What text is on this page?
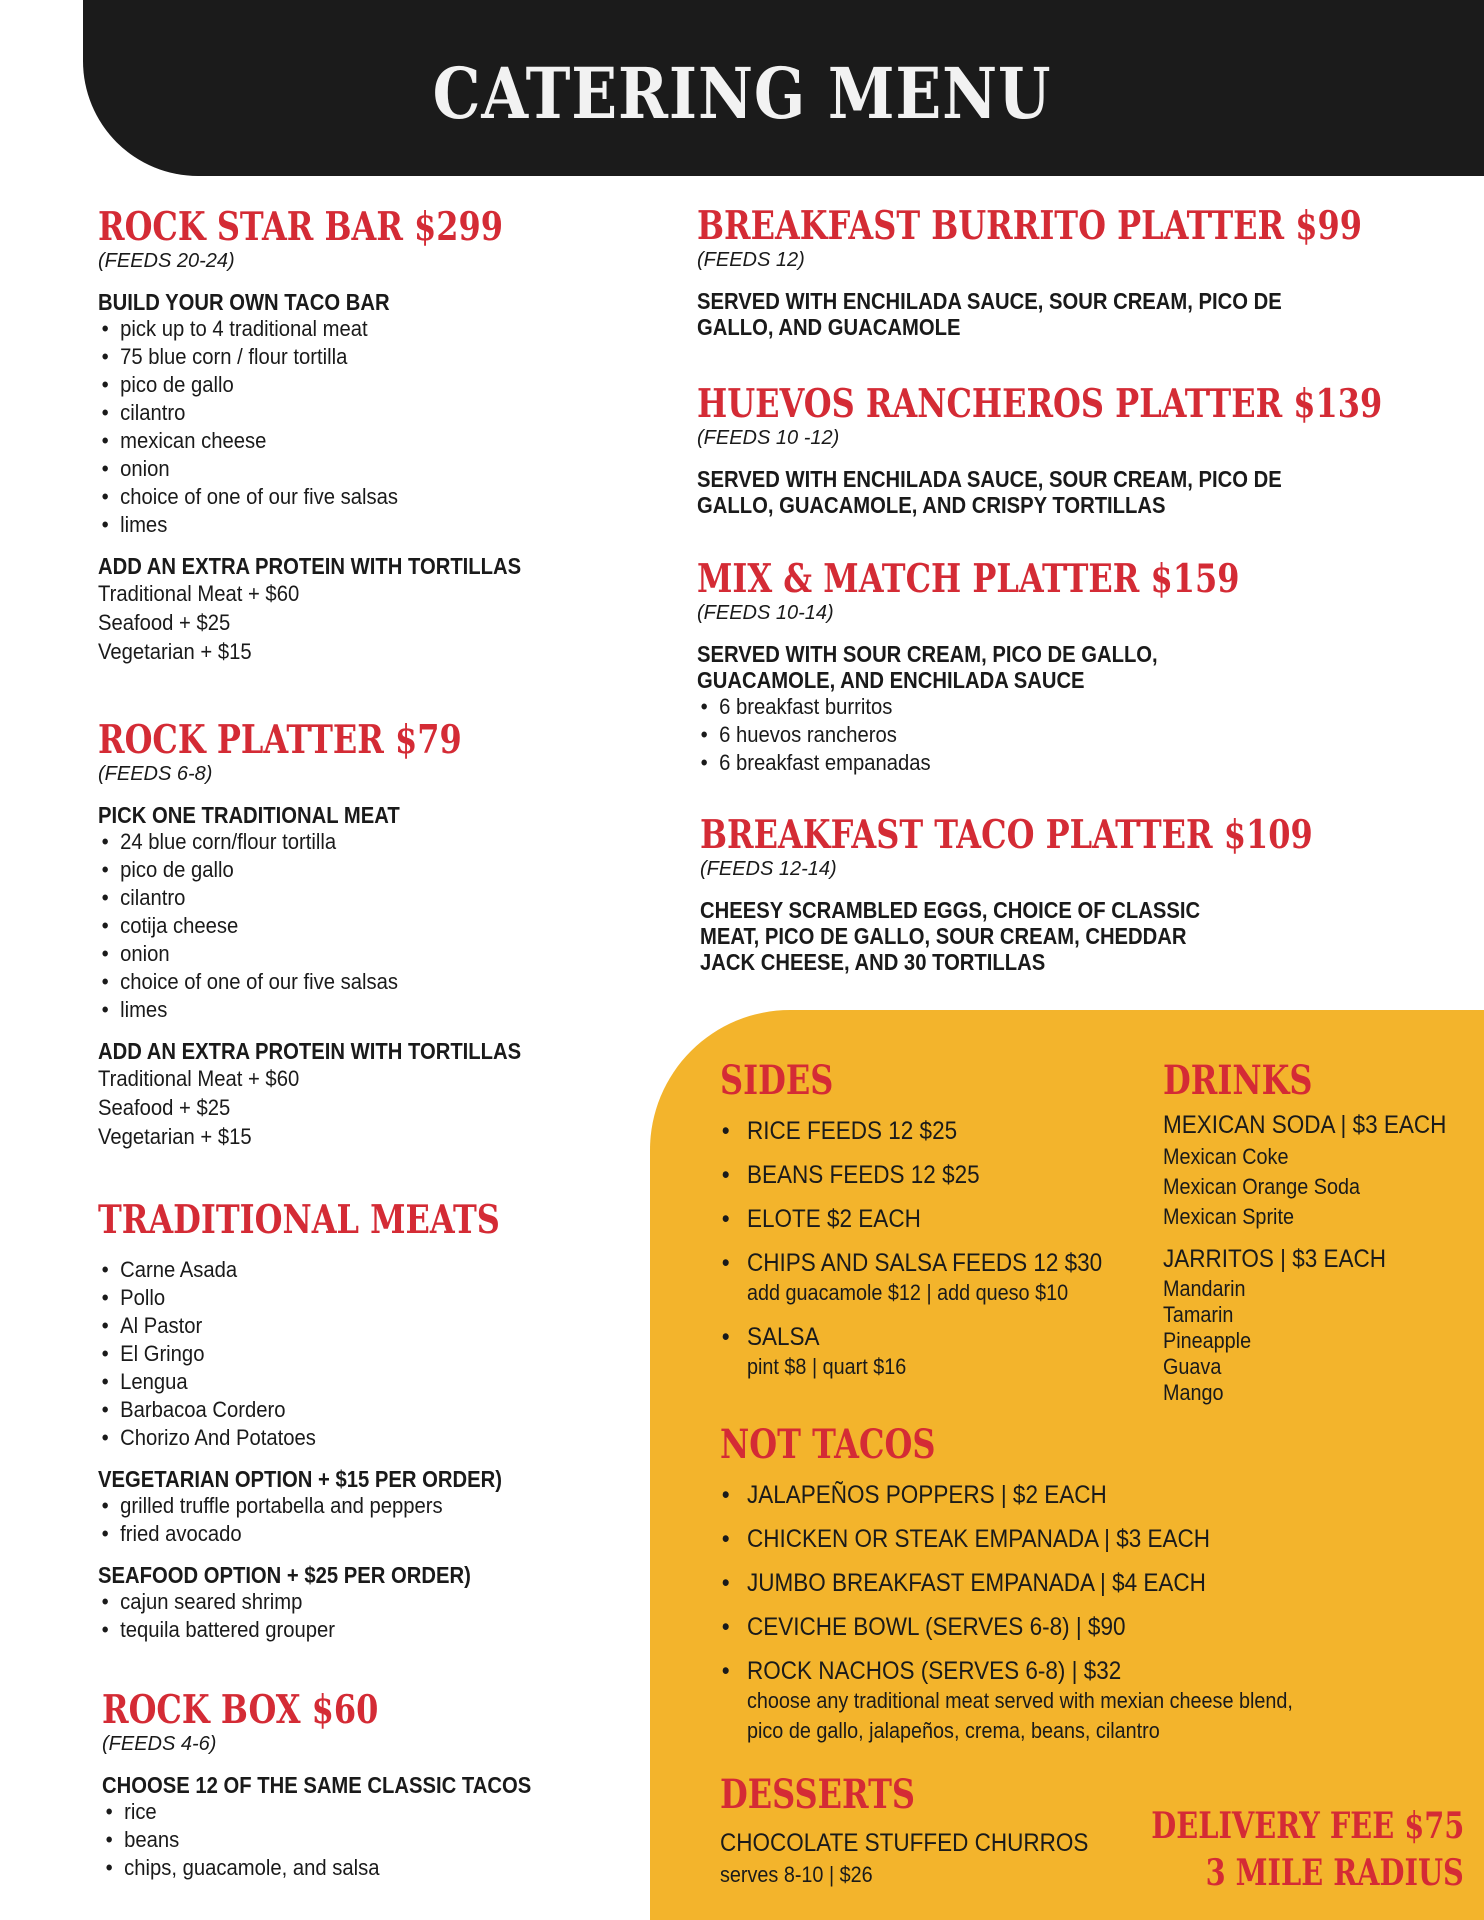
CATERING MENU
ROCK STAR BAR $299
(FEEDS 20-24)
BUILD YOUR OWN TACO BAR
• pick up to 4 traditional meat
• 75 blue corn / flour tortilla
• pico de gallo
• cilantro
• mexican cheese
• onion
• choice of one of our five salsas
• limes
ADD AN EXTRA PROTEIN WITH TORTILLAS
Traditional Meat + $60
Seafood + $25
Vegetarian + $15
ROCK PLATTER $79
(FEEDS 6-8)
PICK ONE TRADITIONAL MEAT
• 24 blue corn/flour tortilla
• pico de gallo
• cilantro
• cotija cheese
• onion
• choice of one of our five salsas
• limes
ADD AN EXTRA PROTEIN WITH TORTILLAS
Traditional Meat + $60
Seafood + $25
Vegetarian + $15
TRADITIONAL MEATS
• Carne Asada
• Pollo
• Al Pastor
• El Gringo
• Lengua
• Barbacoa Cordero
• Chorizo And Potatoes
VEGETARIAN OPTION + $15 PER ORDER)
• grilled truffle portabella and peppers
• fried avocado
SEAFOOD OPTION + $25 PER ORDER)
• cajun seared shrimp
• tequila battered grouper
ROCK BOX $60
(FEEDS 4-6)
CHOOSE 12 OF THE SAME CLASSIC TACOS
• rice
• beans
• chips, guacamole, and salsa
BREAKFAST BURRITO PLATTER $99
(FEEDS 12)
SERVED WITH ENCHILADA SAUCE, SOUR CREAM, PICO DE
GALLO, AND GUACAMOLE
HUEVOS RANCHEROS PLATTER $139
(FEEDS 10 -12)
SERVED WITH ENCHILADA SAUCE, SOUR CREAM, PICO DE
GALLO, GUACAMOLE, AND CRISPY TORTILLAS
MIX & MATCH PLATTER $159
(FEEDS 10-14)
SERVED WITH SOUR CREAM, PICO DE GALLO,
GUACAMOLE, AND ENCHILADA SAUCE
• 6 breakfast burritos
• 6 huevos rancheros
• 6 breakfast empanadas
BREAKFAST TACO PLATTER $109
(FEEDS 12-14)
CHEESY SCRAMBLED EGGS, CHOICE OF CLASSIC
MEAT, PICO DE GALLO, SOUR CREAM, CHEDDAR
JACK CHEESE, AND 30 TORTILLAS
SIDES
• RICE FEEDS 12 $25
• BEANS FEEDS 12 $25
• ELOTE $2 EACH
• CHIPS AND SALSA FEEDS 12 $30
add guacamole $12 | add queso $10
• SALSA
pint $8 | quart $16
DRINKS
MEXICAN SODA | $3 EACH
Mexican Coke
Mexican Orange Soda
Mexican Sprite
JARRITOS | $3 EACH
Mandarin
Tamarin
Pineapple
Guava
Mango
NOT TACOS
• JALAPEÑOS POPPERS | $2 EACH
• CHICKEN OR STEAK EMPANADA | $3 EACH
• JUMBO BREAKFAST EMPANADA | $4 EACH
• CEVICHE BOWL (SERVES 6-8) | $90
• ROCK NACHOS (SERVES 6-8) | $32
choose any traditional meat served with mexian cheese blend,
pico de gallo, jalapeños, crema, beans, cilantro
DESSERTS
CHOCOLATE STUFFED CHURROS
serves 8-10 | $26
DELIVERY FEE $75
3 MILE RADIUS
